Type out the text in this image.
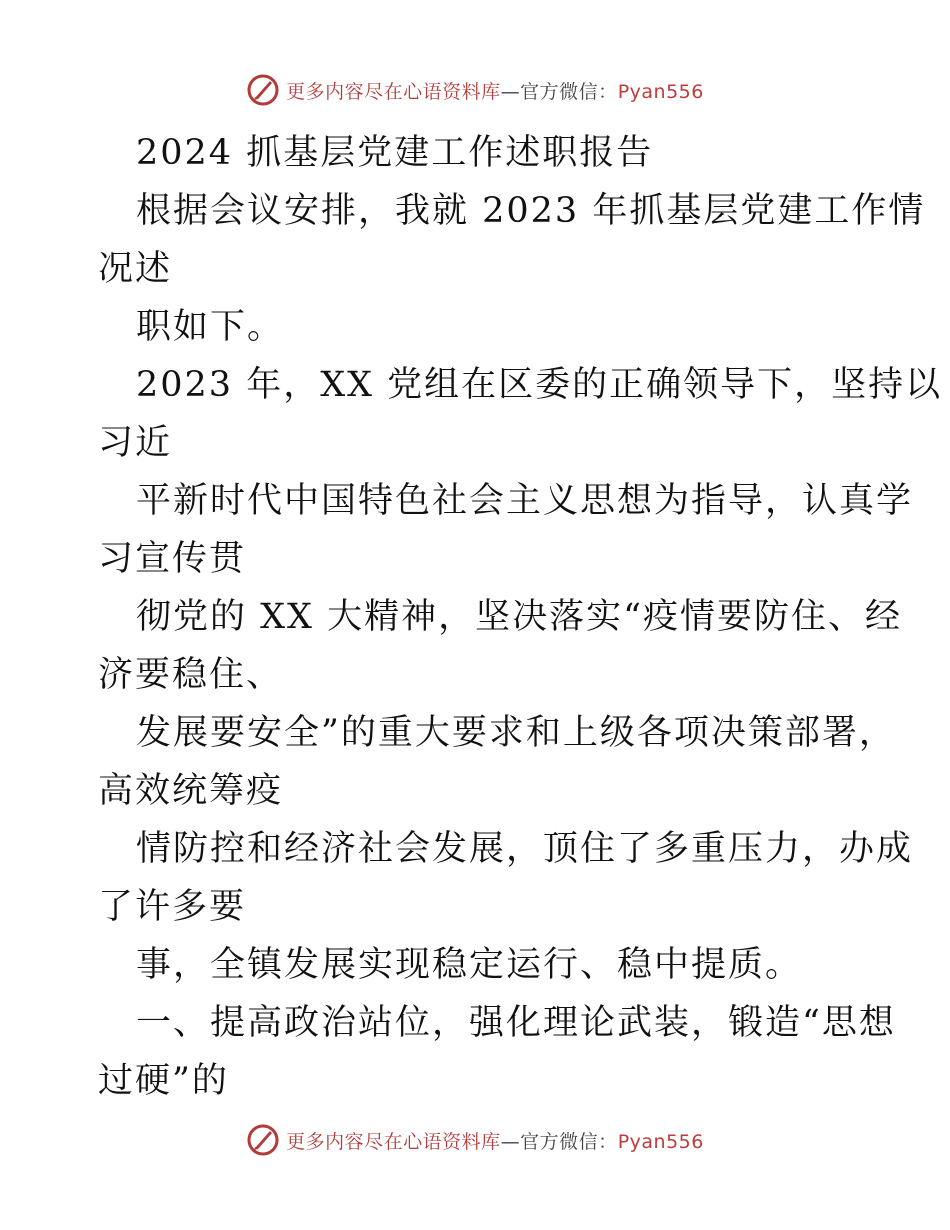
更多内容尽在心语资料库—官方微信：Pyan556
2024 抓基层党建工作述职报告
根据会议安排，我就 2023 年抓基层党建工作情
况述
职如下。
2023 年，XX 党组在区委的正确领导下，坚持以
习近
平新时代中国特色社会主义思想为指导，认真学
习宣传贯
彻党的 XX 大精神，坚决落实“疫情要防住、经
济要稳住、
发展要安全”的重大要求和上级各项决策部署，
高效统筹疫
情防控和经济社会发展，顶住了多重压力，办成
了许多要
事，全镇发展实现稳定运行、稳中提质。
一、提高政治站位，强化理论武装，锻造“思想
过硬”的
更多内容尽在心语资料库—官方微信：Pyan556
